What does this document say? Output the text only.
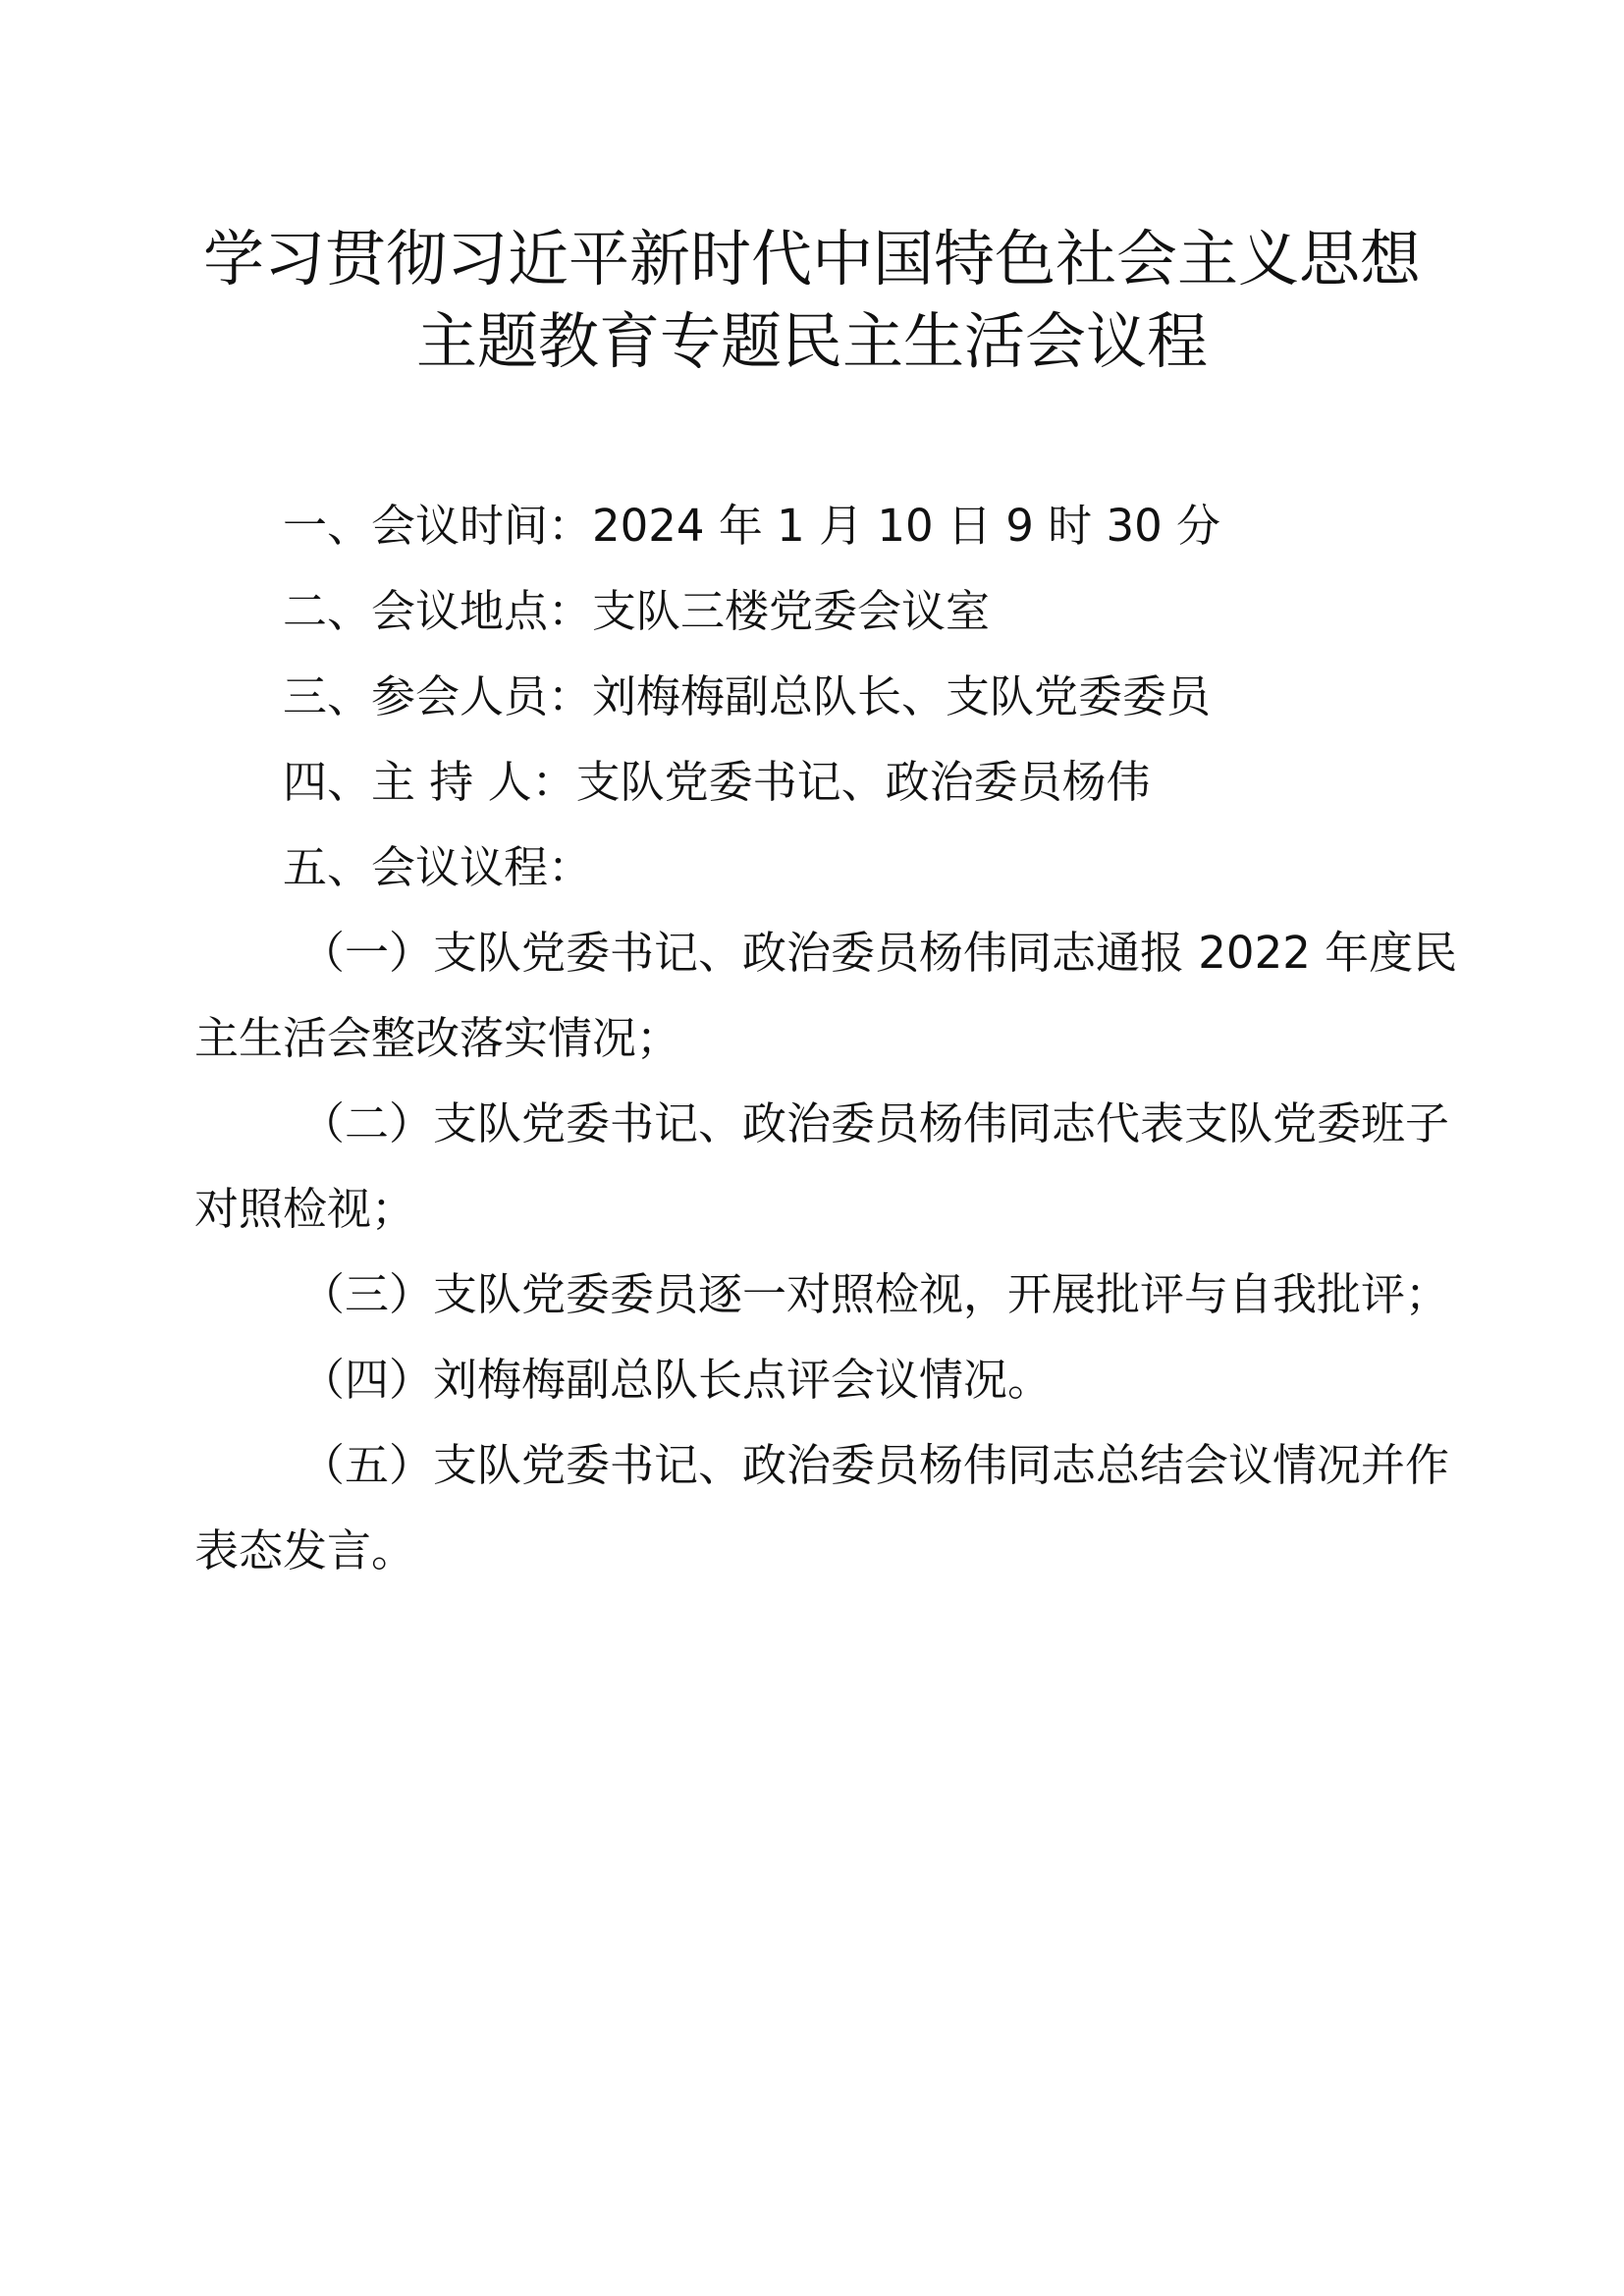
学习贯彻习近平新时代中国特色社会主义思想
主题教育专题民主生活会议程
一、会议时间：2024 年 1 月 10 日 9 时 30 分
二、会议地点：支队三楼党委会议室
三、参会人员：刘梅梅副总队长、支队党委委员
四、主 持 人：支队党委书记、政治委员杨伟
五、会议议程：
（一）支队党委书记、政治委员杨伟同志通报 2022 年度民
主生活会整改落实情况；
（二）支队党委书记、政治委员杨伟同志代表支队党委班子
对照检视；
（三）支队党委委员逐一对照检视，开展批评与自我批评；
（四）刘梅梅副总队长点评会议情况。
（五）支队党委书记、政治委员杨伟同志总结会议情况并作
表态发言。
